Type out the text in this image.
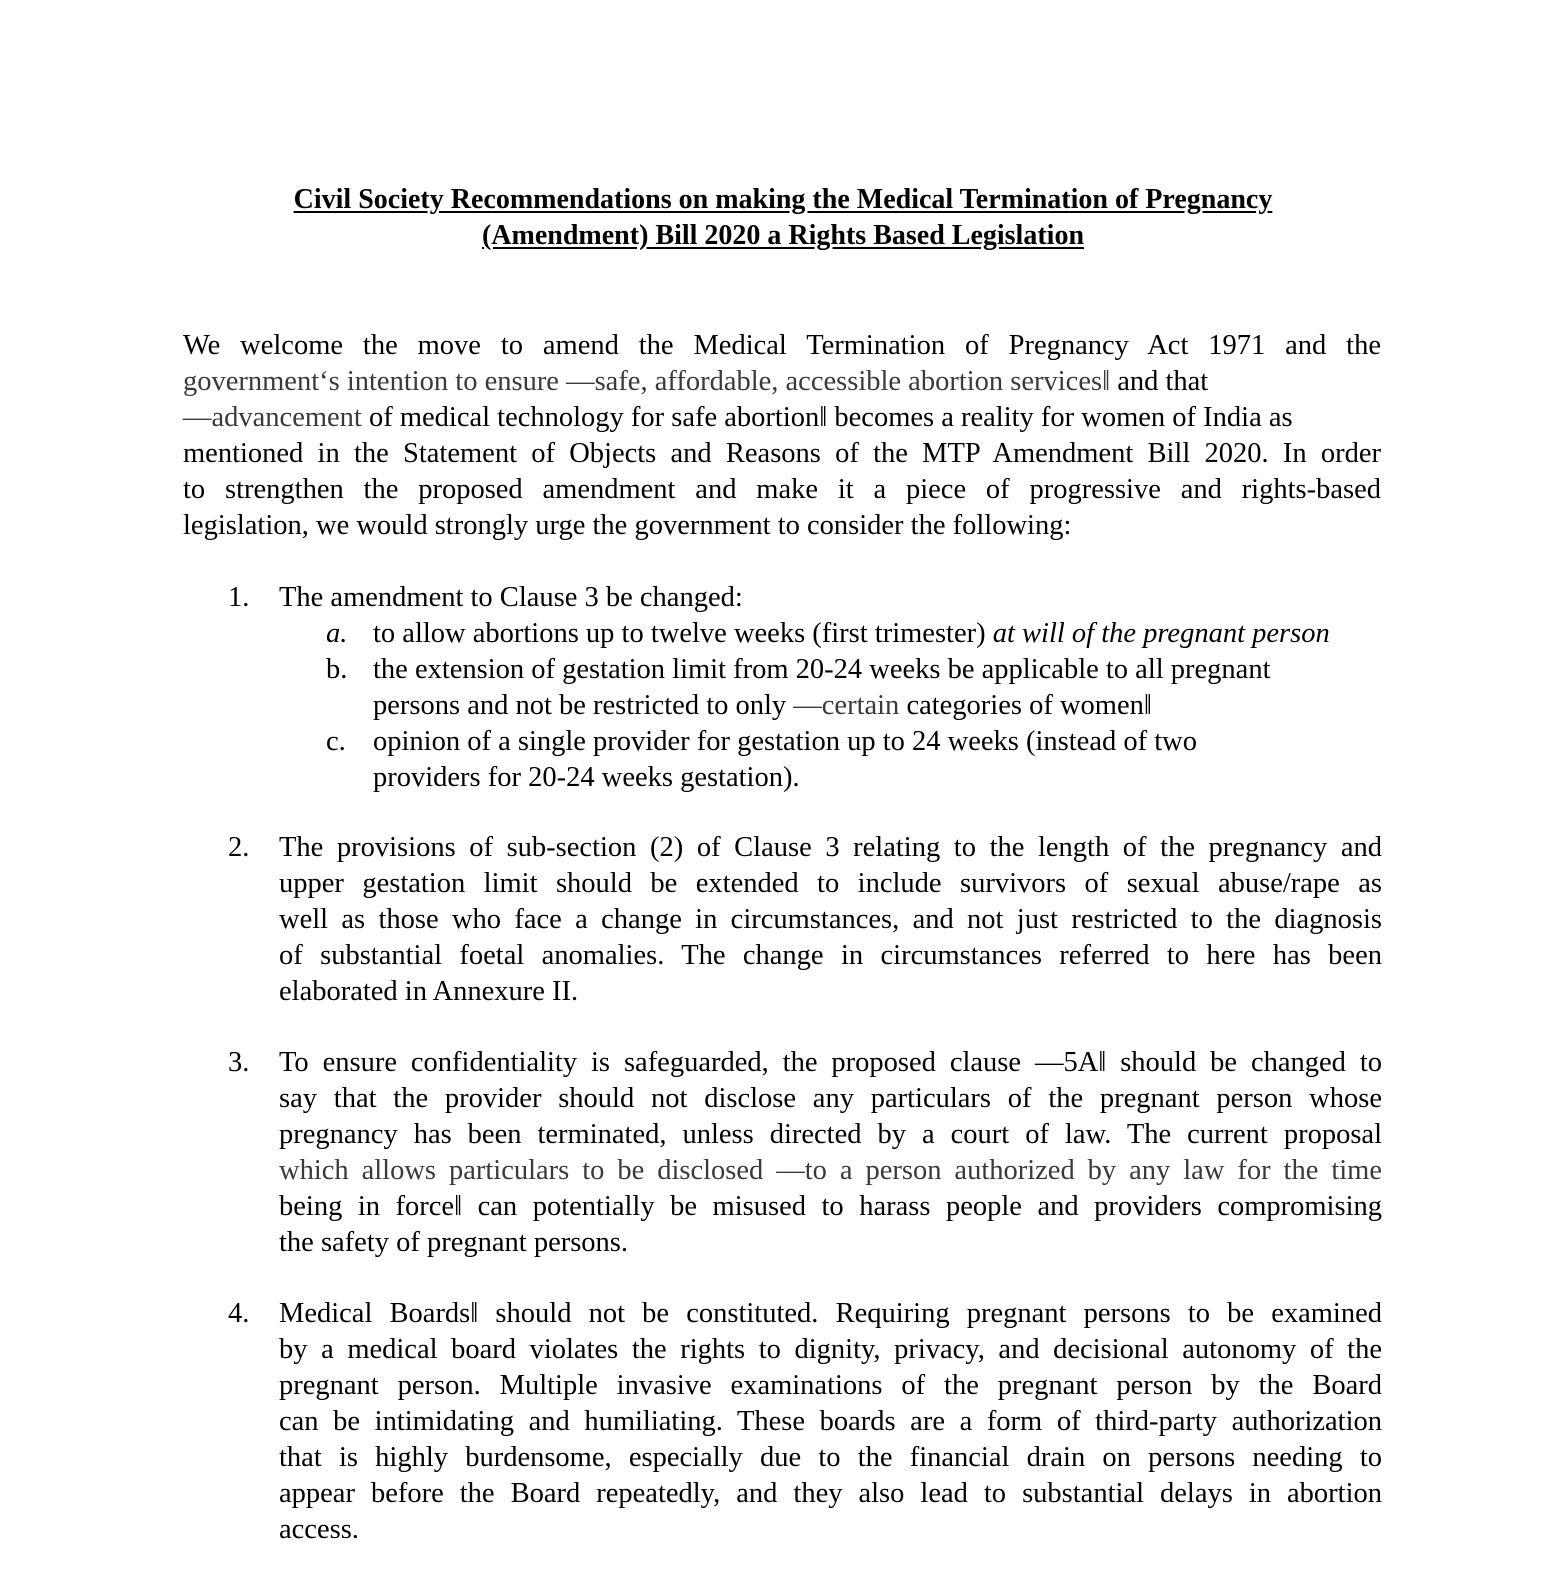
Civil Society Recommendations on making the Medical Termination of Pregnancy
(Amendment) Bill 2020 a Rights Based Legislation
We welcome the move to amend the Medical Termination of Pregnancy Act 1971 and the
government‘s intention to ensure ―safe, affordable, accessible abortion services‖ and that
―advancement of medical technology for safe abortion‖ becomes a reality for women of India as
mentioned in the Statement of Objects and Reasons of the MTP Amendment Bill 2020. In order
to strengthen the proposed amendment and make it a piece of progressive and rights-based
legislation, we would strongly urge the government to consider the following:
1.	The amendment to Clause 3 be changed:
a. to allow abortions up to twelve weeks (first trimester) at will of the pregnant person
b. the extension of gestation limit from 20-24 weeks be applicable to all pregnant
persons and not be restricted to only ―certain categories of women‖
c. opinion of a single provider for gestation up to 24 weeks (instead of two
providers for 20-24 weeks gestation).
2.	The provisions of sub-section (2) of Clause 3 relating to the length of the pregnancy and
upper gestation limit should be extended to include survivors of sexual abuse/rape as
well as those who face a change in circumstances, and not just restricted to the diagnosis
of substantial foetal anomalies. The change in circumstances referred to here has been
elaborated in Annexure II.
3.	To ensure confidentiality is safeguarded, the proposed clause ―5A‖ should be changed to
say that the provider should not disclose any particulars of the pregnant person whose
pregnancy has been terminated, unless directed by a court of law. The current proposal
which allows particulars to be disclosed ―to a person authorized by any law for the time
being in force‖ can potentially be misused to harass people and providers compromising
the safety of pregnant persons.
4.	Medical Boards‖ should not be constituted. Requiring pregnant persons to be examined
by a medical board violates the rights to dignity, privacy, and decisional autonomy of the
pregnant person. Multiple invasive examinations of the pregnant person by the Board
can be intimidating and humiliating. These boards are a form of third-party authorization
that is highly burdensome, especially due to the financial drain on persons needing to
appear before the Board repeatedly, and they also lead to substantial delays in abortion
access.
